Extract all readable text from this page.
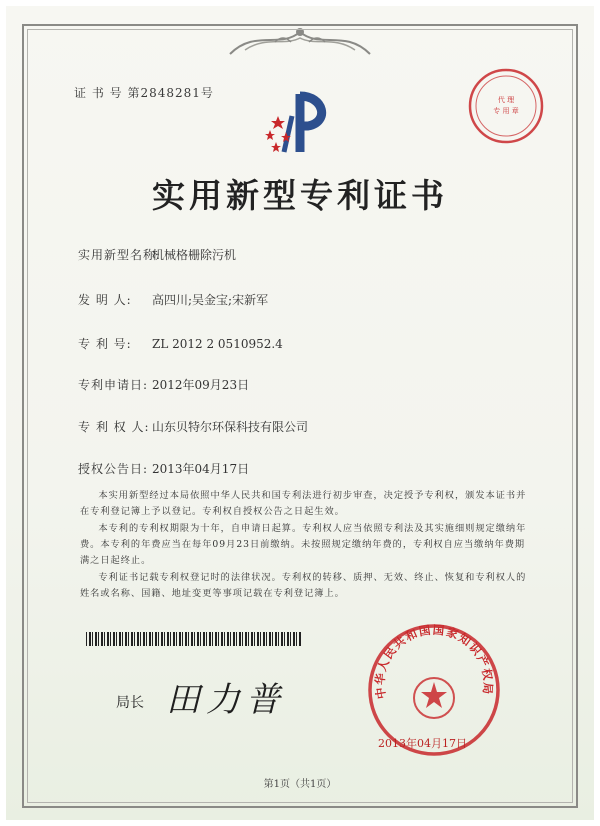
证 书 号 第2848281号	代 理
专 用 章
实用新型专利证书
实用新型名称:机械格栅除污机
发 明 人: 高四川;吴金宝;宋新军
专 利 号: ZL 2012 2 0510952.4
专利申请日: 2012年09月23日
专 利 权 人: 山东贝特尔环保科技有限公司
授权公告日: 2013年04月17日
本实用新型经过本局依照中华人民共和国专利法进行初步审查，决定授予专利权，颁发本证书并在专利登记簿上予以登记。专利权自授权公告之日起生效。
本专利的专利权期限为十年，自申请日起算。专利权人应当依照专利法及其实施细则规定缴纳年费。本专利的年费应当在每年09月23日前缴纳。未按照规定缴纳年费的，专利权自应当缴纳年费期满之日起终止。
专利证书记载专利权登记时的法律状况。专利权的转移、质押、无效、终止、恢复和专利权人的姓名或名称、国籍、地址变更等事项记载在专利登记簿上。
局长 田力普	中华人民共和国国家知识产权局
2013年04月17日
第1页（共1页）
